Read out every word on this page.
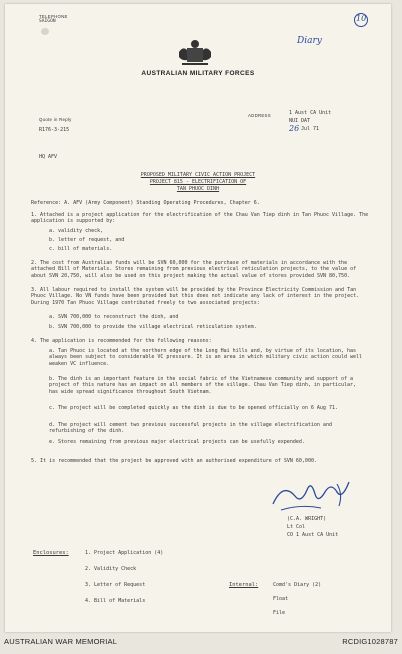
TELEPHONE
SAIGON
AUSTRALIAN MILITARY FORCES
Diary
10
Quote in Reply
R176-3-215
ADDRESS	1 Aust CA Unit
NUI DAT
26 Jul 71
HQ AFV
PROPOSED MILITARY CIVIC ACTION PROJECT
PROJECT 815 - ELECTRIFICATION OF
TAN PHUOC DINH
Reference: A. AFV (Army Component) Standing Operating Procedures, Chapter 6.
1. Attached is a project application for the electrification of the Chau Van Tiep dinh in Tan Phuoc Village. The application is supported by:
a. validity check,
b. letter of request, and
c. bill of materials.
2. The cost from Australian funds will be SVN 60,000 for the purchase of materials in accordance with the attached Bill of Materials. Stores remaining from previous electrical reticulation projects, to the value of about SVN 20,750, will also be used on this project making the actual value of stores provided SVN 80,750.
3. All labour required to install the system will be provided by the Province Electricity Commission and Tan Phuoc Village. No VN funds have been provided but this does not indicate any lack of interest in the project. During 1970 Tan Phuoc Village contributed freely to two associated projects:
a. SVN 700,000 to reconstruct the dinh, and
b. SVN 700,000 to provide the village electrical reticulation system.
4. The application is recommended for the following reasons:
a. Tan Phuoc is located at the northern edge of the Long Hai hills and, by virtue of its location, has always been subject to considerable VC pressure. It is an area in which military civic action could well weaken VC influence.
b. The dinh is an important feature in the social fabric of the Vietnamese community and support of a project of this nature has an impact on all members of the village. Chau Van Tiep dinh, in particular, has wide spread significance throughout South Vietnam.
c. The project will be completed quickly as the dinh is due to be opened officially on 6 Aug 71.
d. The project will cement two previous successful projects in the village electrification and refurbishing of the dinh.
e. Stores remaining from previous major electrical projects can be usefully expended.
5. It is recommended that the project be approved with an authorised expenditure of SVN 60,000.
(C.A. WRIGHT)
Lt Col
CO 1 Aust CA Unit
Enclosures:	1. Project Application (4)
2. Validity Check
3. Letter of Request
4. Bill of Materials
Internal:	Comd's Diary (2)
Float
File
AUSTRALIAN WAR MEMORIAL	RCDIG1028787
